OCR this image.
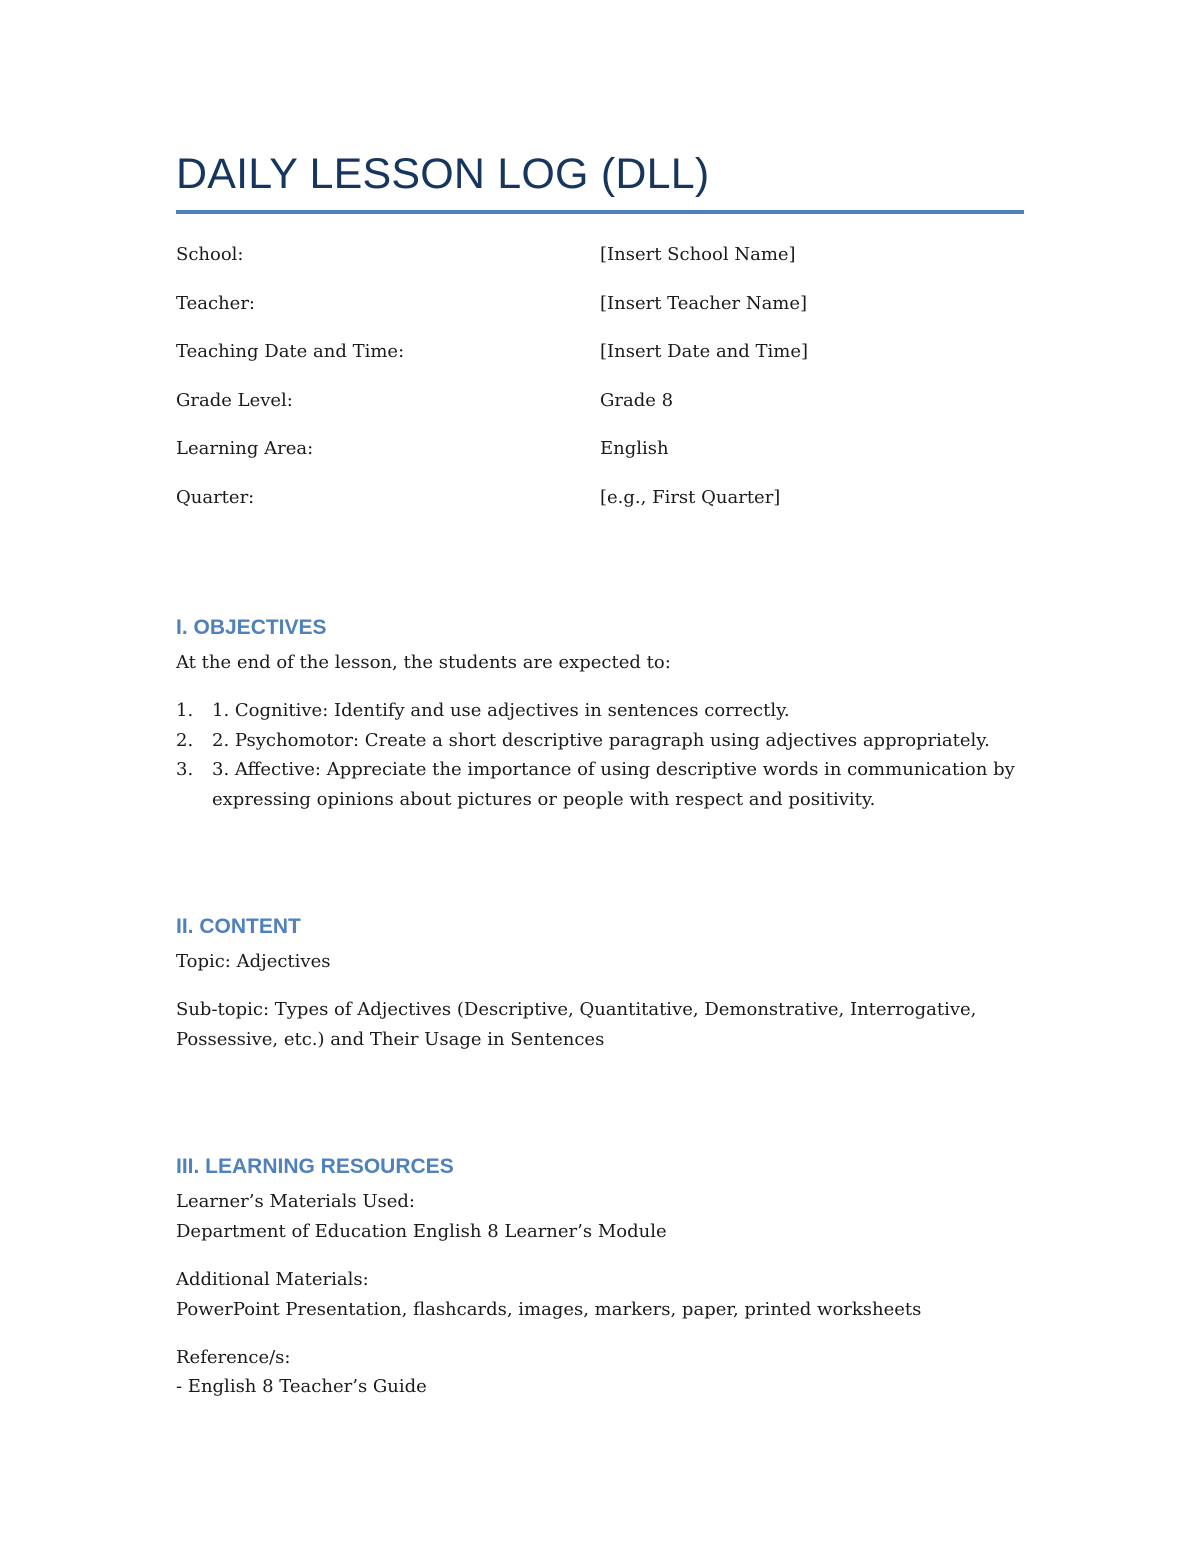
DAILY LESSON LOG (DLL)
School:	[Insert School Name]
Teacher:	[Insert Teacher Name]
Teaching Date and Time:	[Insert Date and Time]
Grade Level:	Grade 8
Learning Area:	English
Quarter:	[e.g., First Quarter]
I. OBJECTIVES

At the end of the lesson, the students are expected to:

1. 1. Cognitive: Identify and use adjectives in sentences correctly.
2. 2. Psychomotor: Create a short descriptive paragraph using adjectives appropriately.
3. 3. Affective: Appreciate the importance of using descriptive words in communication by expressing opinions about pictures or people with respect and positivity.
II. CONTENT

Topic: Adjectives

Sub-topic: Types of Adjectives (Descriptive, Quantitative, Demonstrative, Interrogative, Possessive, etc.) and Their Usage in Sentences

III. LEARNING RESOURCES

Learner’s Materials Used:

Department of Education English 8 Learner’s Module

Additional Materials:

PowerPoint Presentation, flashcards, images, markers, paper, printed worksheets

Reference/s:

- English 8 Teacher’s Guide
